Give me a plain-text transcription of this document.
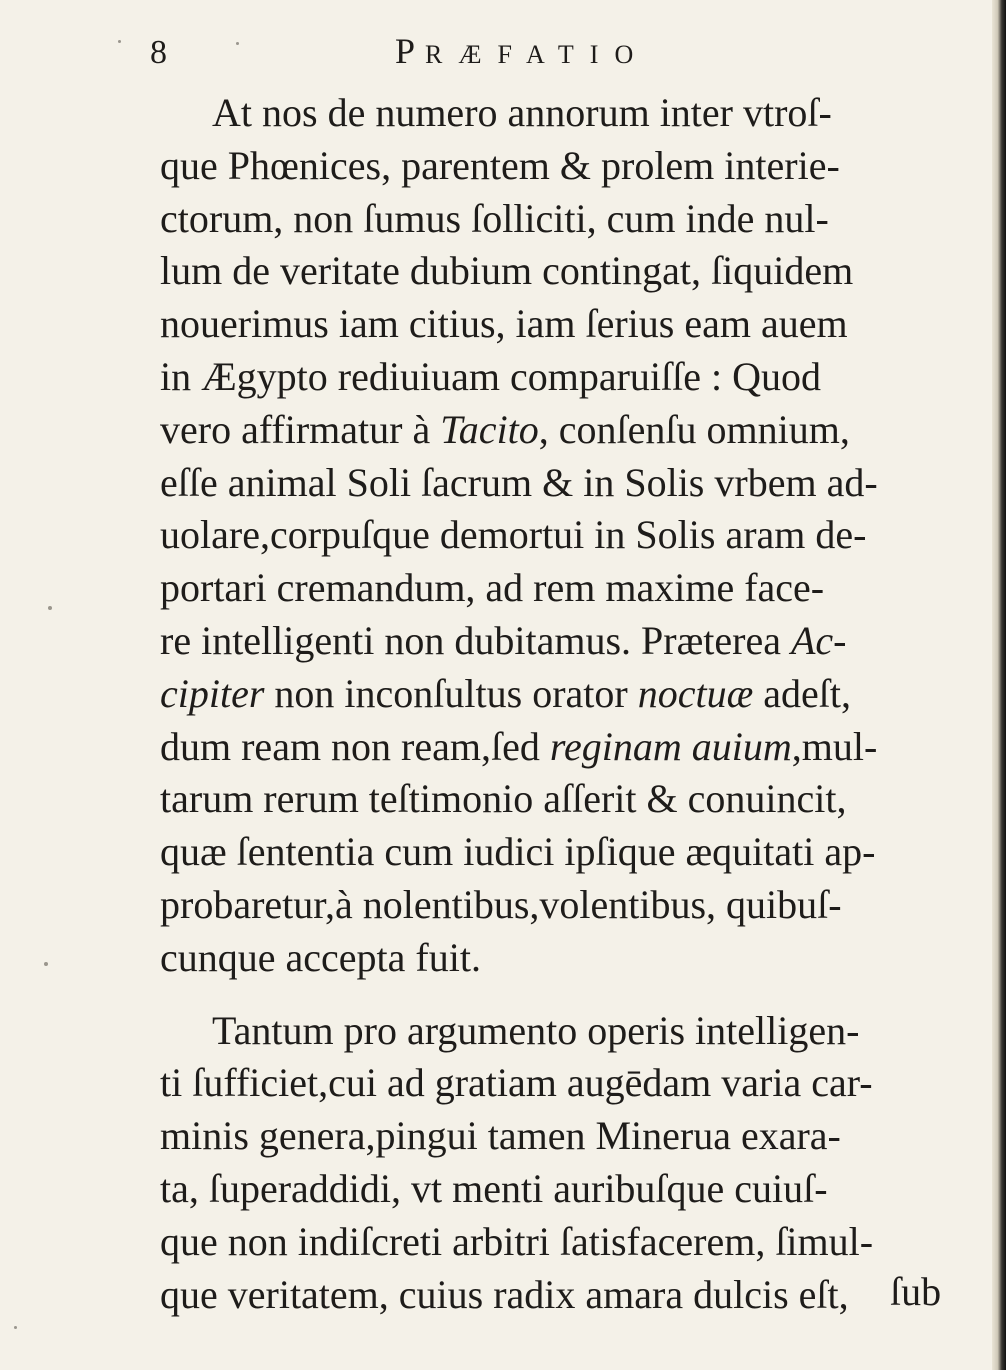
8	PRÆFATIO
At nos de numero annorum inter vtroſ-
que Phœnices, parentem & prolem interie-
ctorum, non ſumus ſolliciti, cum inde nul-
lum de veritate dubium contingat, ſiquidem
nouerimus iam citius, iam ſerius eam auem
in Ægypto rediuiuam comparuiſſe : Quod
vero affirmatur à Tacito, conſenſu omnium,
eſſe animal Soli ſacrum & in Solis vrbem ad-
uolare,corpuſque demortui in Solis aram de-
portari cremandum, ad rem maxime face-
re intelligenti non dubitamus. Præterea Ac-
cipiter non inconſultus orator noctuæ adeſt,
dum ream non ream,ſed reginam auium,mul-
tarum rerum teſtimonio aſſerit & conuincit,
quæ ſententia cum iudici ipſique æquitati ap-
probaretur,à nolentibus,volentibus, quibuſ-
cunque accepta fuit.
Tantum pro argumento operis intelligen-
ti ſufficiet,cui ad gratiam augēdam varia car-
minis genera,pingui tamen Minerua exara-
ta, ſuperaddidi, vt menti auribuſque cuiuſ-
que non indiſcreti arbitri ſatisfacerem, ſimul-
que veritatem, cuius radix amara dulcis eſt,	ſub
